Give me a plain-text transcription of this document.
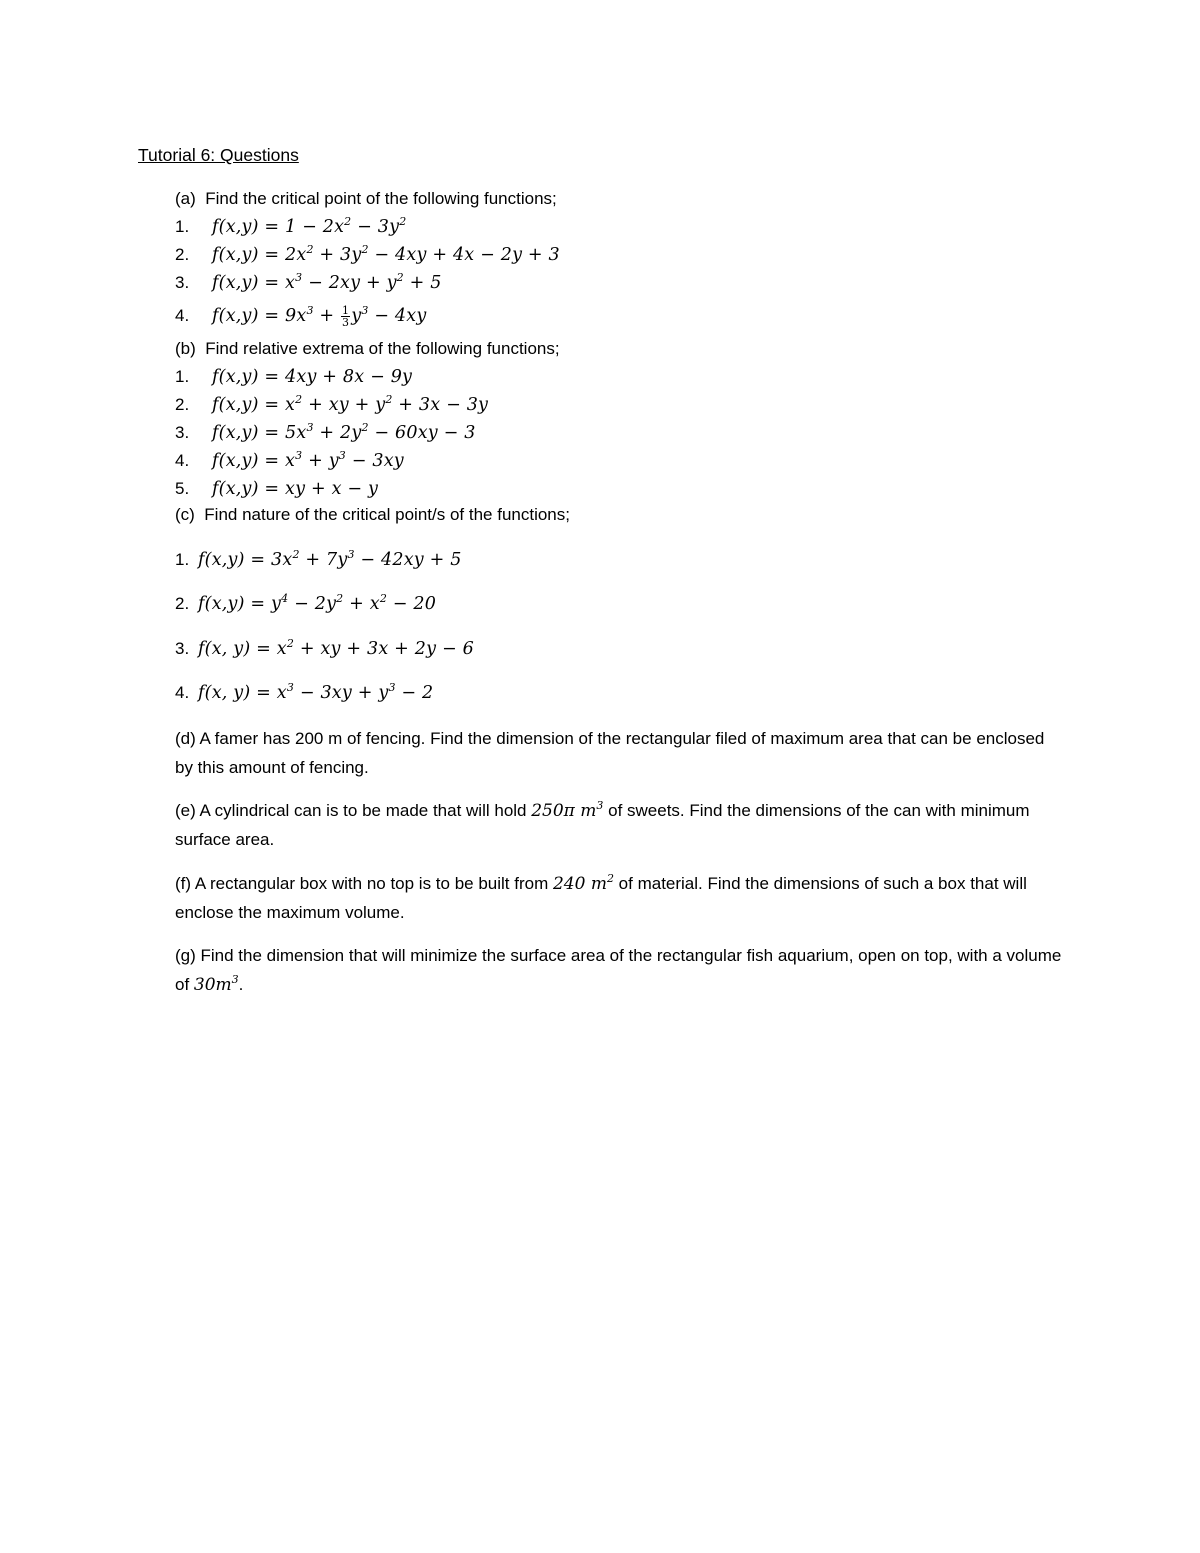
Tutorial 6: Questions
(a) Find the critical point of the following functions;
1. $f(x,y) = 1 - 2x^2 - 3y^2$
2. $f(x,y) = 2x^2 + 3y^2 - 4xy + 4x - 2y + 3$
3. $f(x,y) = x^3 - 2xy + y^2 + 5$
4. $f(x,y) = 9x^3 + \frac{1}{3} y^3 - 4xy$
(b) Find relative extrema of the following functions;
1. f(x,y) = 4xy + 8x − 9y
2. $f(x,y) = x^2$ + xy + $y^2 + 3x - 3y$
3. $f(x,y) = 5x^3 + 2y^2 - 60xy - 3$
4. $f(x,y) = x^3 + y^3 - 3xy$
5. f(x,y) = xy + x − y
(c) Find nature of the critical point/s of the functions;
1. $f(x,y) = 3x^2 + 7y^3 - 42xy + 5$
2. $f(x,y) = y^4 - 2y^2 + x^2 - 20$
3. f(x, $y) = x^2$ + xy + 3x + 2y − 6
4. f(x, $y) = x^3 - 3xy + y^3 - 2$
(d) A famer has 200 m of fencing. Find the dimension of the rectangular filed of maximum area that can be enclosed by this amount of fencing.
(e) A cylindrical can is to be made that will hold 250π $m^3$ of sweets. Find the dimensions of the can with minimum surface area.
(f) A rectangular box with no top is to be built from 240 $m^2$ of material. Find the dimensions of such a box that will enclose the maximum volume.
(g) Find the dimension that will minimize the surface area of the rectangular fish aquarium, open on top, with a volume of $30m^3$.
